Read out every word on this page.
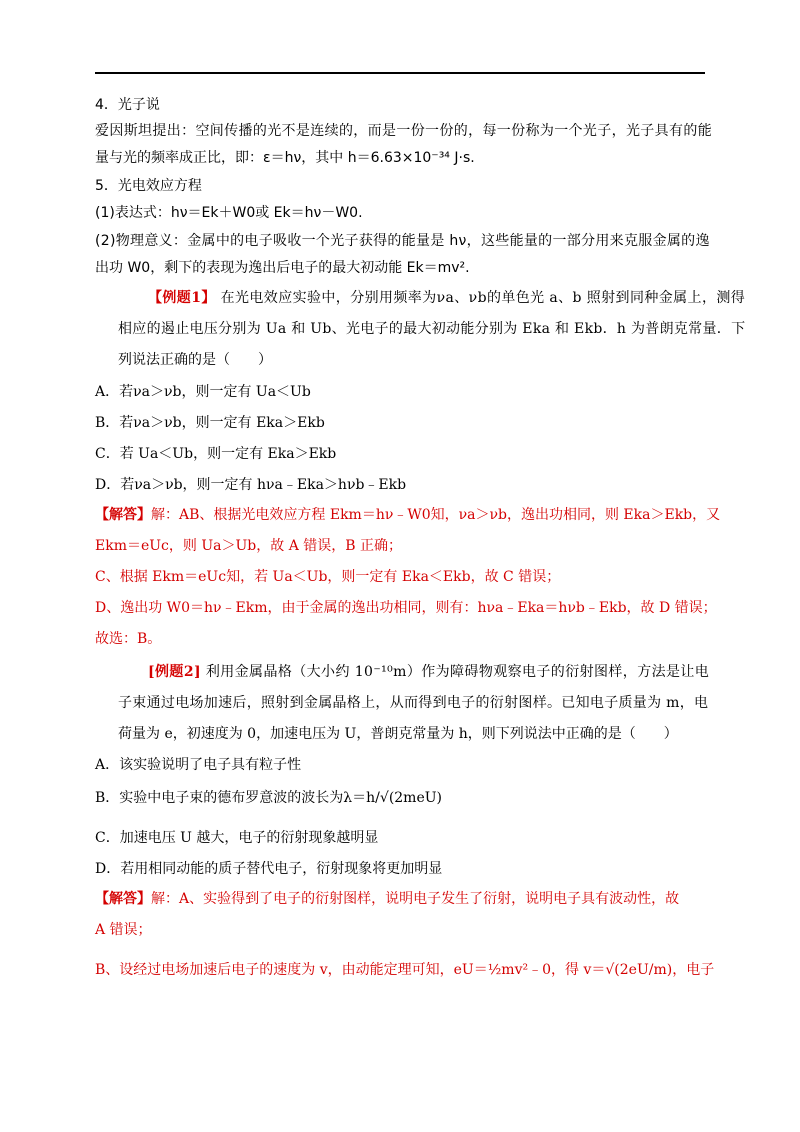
4．光子说
爱因斯坦提出：空间传播的光不是连续的，而是一份一份的，每一份称为一个光子，光子具有的能
量与光的频率成正比，即：ε＝hν，其中 h＝6.63×10⁻³⁴ J·s.
5．光电效应方程
(1)表达式：hν＝Ek＋W0或 Ek＝hν－W0.
(2)物理意义：金属中的电子吸收一个光子获得的能量是 hν，这些能量的一部分用来克服金属的逸
出功 W0，剩下的表现为逸出后电子的最大初动能 Ek＝mv².
【例题1】 在光电效应实验中，分别用频率为νa、νb的单色光 a、b 照射到同种金属上，测得
相应的遏止电压分别为 Ua 和 Ub、光电子的最大初动能分别为 Eka 和 Ekb．h 为普朗克常量．下
列说法正确的是（　　）
A．若νa＞νb，则一定有 Ua＜Ub
B．若νa＞νb，则一定有 Eka＞Ekb
C．若 Ua＜Ub，则一定有 Eka＞Ekb
D．若νa＞νb，则一定有 hνa﹣Eka＞hνb﹣Ekb
【解答】解：AB、根据光电效应方程 Ekm＝hν﹣W0知，νa＞νb，逸出功相同，则 Eka＞Ekb，又
Ekm＝eUc，则 Ua＞Ub，故 A 错误，B 正确；
C、根据 Ekm＝eUc知，若 Ua＜Ub，则一定有 Eka＜Ekb，故 C 错误；
D、逸出功 W0＝hν﹣Ekm，由于金属的逸出功相同，则有：hνa﹣Eka＝hνb﹣Ekb，故 D 错误；
故选：B。
[例题2] 利用金属晶格（大小约 10⁻¹⁰m）作为障碍物观察电子的衍射图样，方法是让电
子束通过电场加速后，照射到金属晶格上，从而得到电子的衍射图样。已知电子质量为 m，电
荷量为 e，初速度为 0，加速电压为 U，普朗克常量为 h，则下列说法中正确的是（　　）
A．该实验说明了电子具有粒子性
B．实验中电子束的德布罗意波的波长为λ＝h/√(2meU)
C．加速电压 U 越大，电子的衍射现象越明显
D．若用相同动能的质子替代电子，衍射现象将更加明显
【解答】解：A、实验得到了电子的衍射图样，说明电子发生了衍射，说明电子具有波动性，故
A 错误；
B、设经过电场加速后电子的速度为 v，由动能定理可知，eU＝½mv²﹣0，得 v＝√(2eU/m)，电子
